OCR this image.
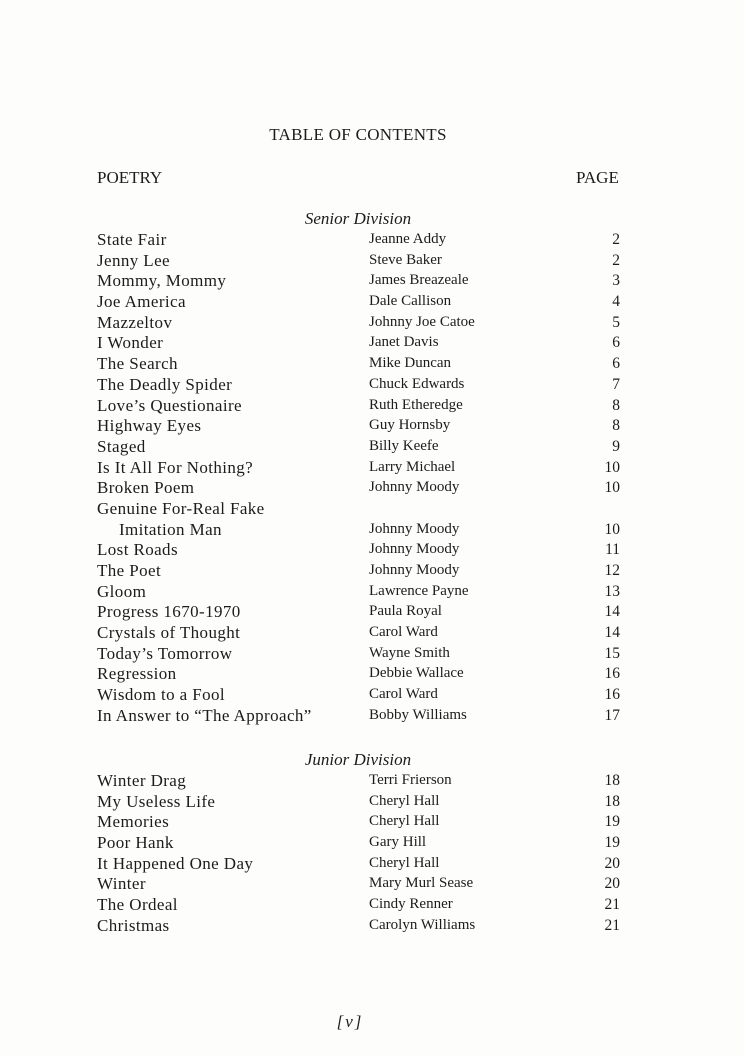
TABLE OF CONTENTS
POETRY	PAGE
Senior Division
State Fair	Jeanne Addy	2
Jenny Lee	Steve Baker	2
Mommy, Mommy	James Breazeale	3
Joe America	Dale Callison	4
Mazzeltov	Johnny Joe Catoe	5
I Wonder	Janet Davis	6
The Search	Mike Duncan	6
The Deadly Spider	Chuck Edwards	7
Love’s Questionaire	Ruth Etheredge	8
Highway Eyes	Guy Hornsby	8
Staged	Billy Keefe	9
Is It All For Nothing?	Larry Michael	10
Broken Poem	Johnny Moody	10
Genuine For-Real Fake
Imitation Man	Johnny Moody	10
Lost Roads	Johnny Moody	11
The Poet	Johnny Moody	12
Gloom	Lawrence Payne	13
Progress 1670-1970	Paula Royal	14
Crystals of Thought	Carol Ward	14
Today’s Tomorrow	Wayne Smith	15
Regression	Debbie Wallace	16
Wisdom to a Fool	Carol Ward	16
In Answer to “The Approach”	Bobby Williams	17
Junior Division
Winter Drag	Terri Frierson	18
My Useless Life	Cheryl Hall	18
Memories	Cheryl Hall	19
Poor Hank	Gary Hill	19
It Happened One Day	Cheryl Hall	20
Winter	Mary Murl Sease	20
The Ordeal	Cindy Renner	21
Christmas	Carolyn Williams	21
[v]
